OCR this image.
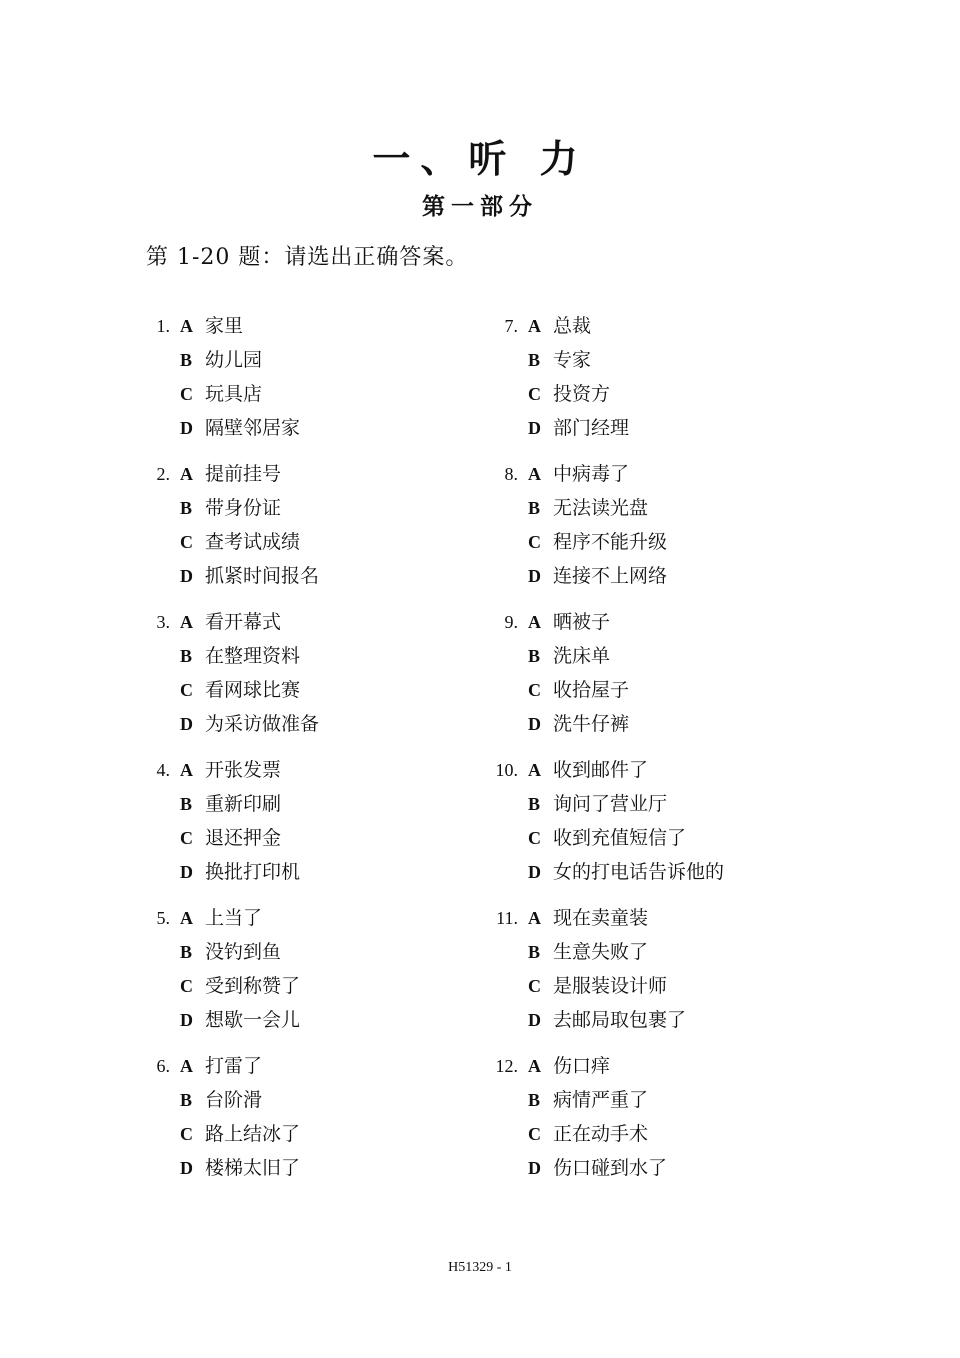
一、听 力
第一部分
第 1-20 题：请选出正确答案。
1. A 家里
B 幼儿园
C 玩具店
D 隔壁邻居家
2. A 提前挂号
B 带身份证
C 查考试成绩
D 抓紧时间报名
3. A 看开幕式
B 在整理资料
C 看网球比赛
D 为采访做准备
4. A 开张发票
B 重新印刷
C 退还押金
D 换批打印机
5. A 上当了
B 没钓到鱼
C 受到称赞了
D 想歇一会儿
6. A 打雷了
B 台阶滑
C 路上结冰了
D 楼梯太旧了
7. A 总裁
B 专家
C 投资方
D 部门经理
8. A 中病毒了
B 无法读光盘
C 程序不能升级
D 连接不上网络
9. A 晒被子
B 洗床单
C 收拾屋子
D 洗牛仔裤
10. A 收到邮件了
B 询问了营业厅
C 收到充值短信了
D 女的打电话告诉他的
11. A 现在卖童装
B 生意失败了
C 是服装设计师
D 去邮局取包裹了
12. A 伤口痒
B 病情严重了
C 正在动手术
D 伤口碰到水了
H51329 - 1
